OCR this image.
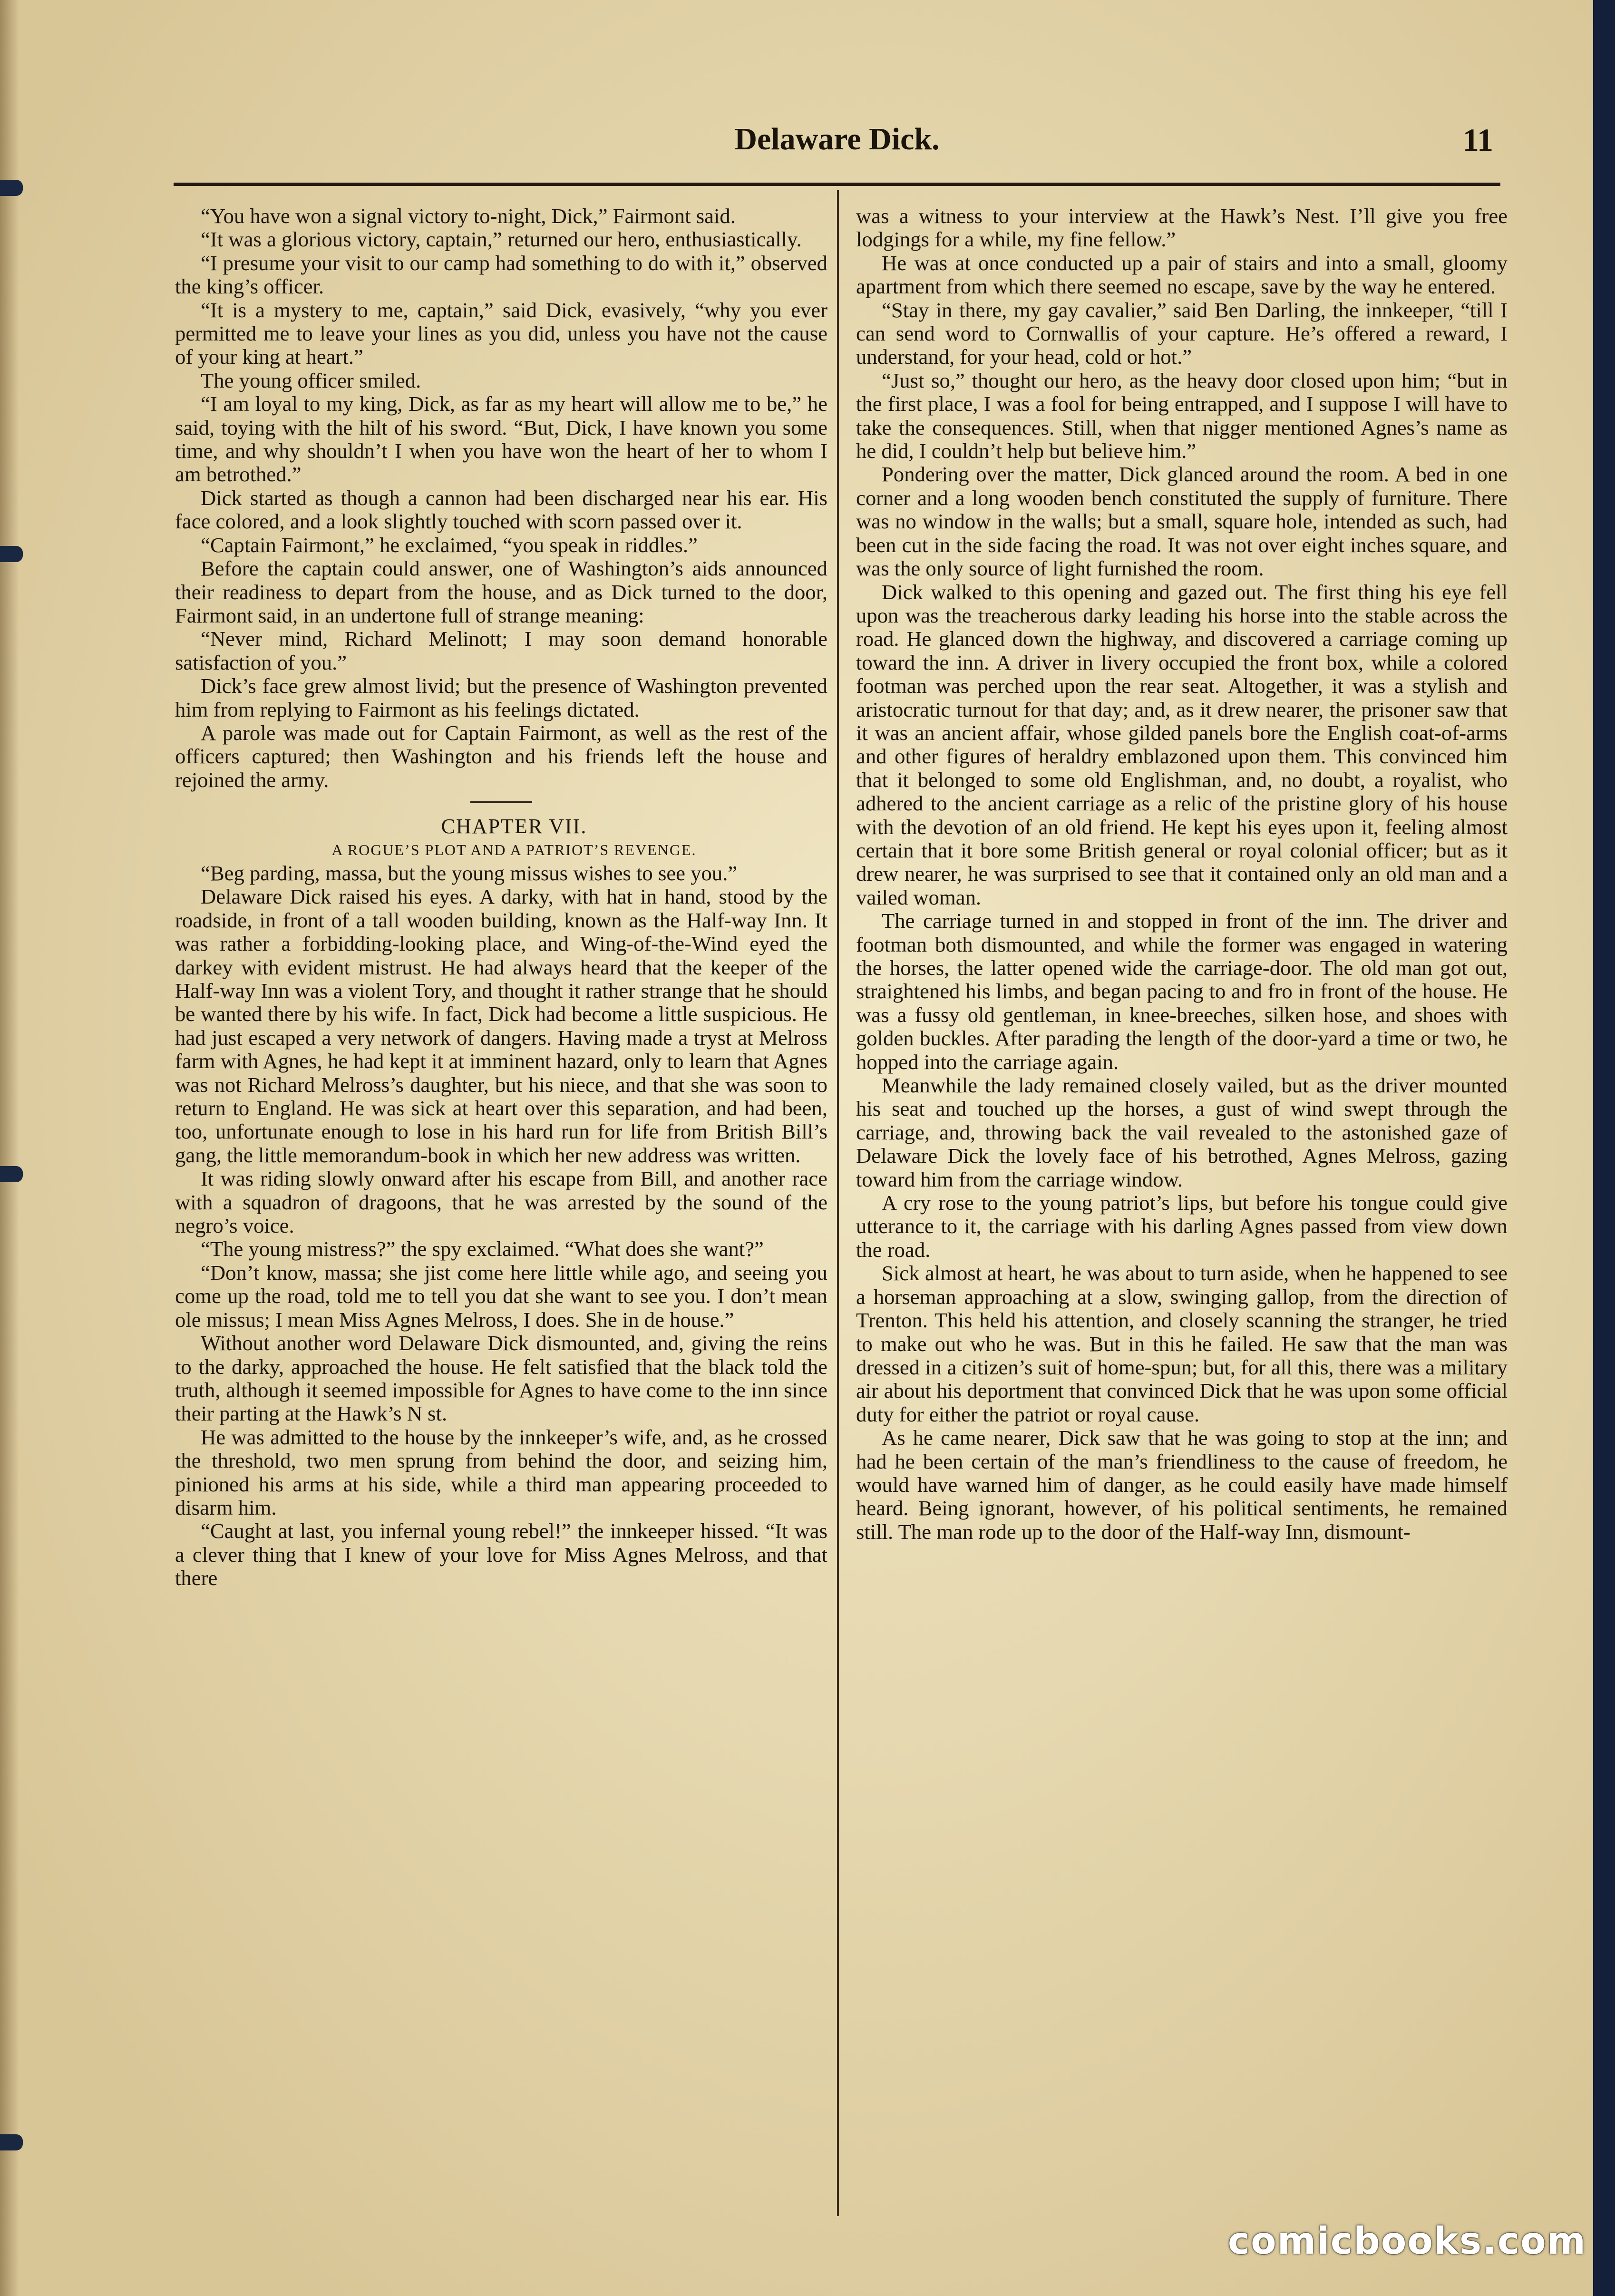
Delaware Dick.	11

“You have won a signal victory to-night, Dick,” Fairmont said.

“It was a glorious victory, captain,” returned our hero, enthusiastically.

“I presume your visit to our camp had something to do with it,” observed the king’s officer.

“It is a mystery to me, captain,” said Dick, evasively, “why you ever permitted me to leave your lines as you did, unless you have not the cause of your king at heart.”

The young officer smiled.

“I am loyal to my king, Dick, as far as my heart will allow me to be,” he said, toying with the hilt of his sword. “But, Dick, I have known you some time, and why shouldn’t I when you have won the heart of her to whom I am betrothed.”

Dick started as though a cannon had been discharged near his ear. His face colored, and a look slightly touched with scorn passed over it.

“Captain Fairmont,” he exclaimed, “you speak in riddles.”

Before the captain could answer, one of Washington’s aids announced their readiness to depart from the house, and as Dick turned to the door, Fairmont said, in an undertone full of strange meaning:

“Never mind, Richard Melinott; I may soon demand honorable satisfaction of you.”

Dick’s face grew almost livid; but the presence of Washington prevented him from replying to Fairmont as his feelings dictated.

A parole was made out for Captain Fairmont, as well as the rest of the officers captured; then Washington and his friends left the house and rejoined the army.

CHAPTER VII.

A ROGUE’S PLOT AND A PATRIOT’S REVENGE.

“Beg parding, massa, but the young missus wishes to see you.”

Delaware Dick raised his eyes. A darky, with hat in hand, stood by the roadside, in front of a tall wooden building, known as the Half-way Inn. It was rather a forbidding-looking place, and Wing-of-the-Wind eyed the darkey with evident mistrust. He had always heard that the keeper of the Half-way Inn was a violent Tory, and thought it rather strange that he should be wanted there by his wife. In fact, Dick had become a little suspicious. He had just escaped a very network of dangers. Having made a tryst at Melross farm with Agnes, he had kept it at imminent hazard, only to learn that Agnes was not Richard Melross’s daughter, but his niece, and that she was soon to return to England. He was sick at heart over this separation, and had been, too, unfortunate enough to lose in his hard run for life from British Bill’s gang, the little memorandum-book in which her new address was written.

It was riding slowly onward after his escape from Bill, and another race with a squadron of dragoons, that he was arrested by the sound of the negro’s voice.

“The young mistress?” the spy exclaimed. “What does she want?”

“Don’t know, massa; she jist come here little while ago, and seeing you come up the road, told me to tell you dat she want to see you. I don’t mean ole missus; I mean Miss Agnes Melross, I does. She in de house.”

Without another word Delaware Dick dismounted, and, giving the reins to the darky, approached the house. He felt satisfied that the black told the truth, although it seemed impossible for Agnes to have come to the inn since their parting at the Hawk’s N st.

He was admitted to the house by the innkeeper’s wife, and, as he crossed the threshold, two men sprung from behind the door, and seizing him, pinioned his arms at his side, while a third man appearing proceeded to disarm him.

“Caught at last, you infernal young rebel!” the innkeeper hissed. “It was a clever thing that I knew of your love for Miss Agnes Melross, and that there

was a witness to your interview at the Hawk’s Nest. I’ll give you free lodgings for a while, my fine fellow.”

He was at once conducted up a pair of stairs and into a small, gloomy apartment from which there seemed no escape, save by the way he entered.

“Stay in there, my gay cavalier,” said Ben Darling, the innkeeper, “till I can send word to Cornwallis of your capture. He’s offered a reward, I understand, for your head, cold or hot.”

“Just so,” thought our hero, as the heavy door closed upon him; “but in the first place, I was a fool for being entrapped, and I suppose I will have to take the consequences. Still, when that nigger mentioned Agnes’s name as he did, I couldn’t help but believe him.”

Pondering over the matter, Dick glanced around the room. A bed in one corner and a long wooden bench constituted the supply of furniture. There was no window in the walls; but a small, square hole, intended as such, had been cut in the side facing the road. It was not over eight inches square, and was the only source of light furnished the room.

Dick walked to this opening and gazed out. The first thing his eye fell upon was the treacherous darky leading his horse into the stable across the road. He glanced down the highway, and discovered a carriage coming up toward the inn. A driver in livery occupied the front box, while a colored footman was perched upon the rear seat. Altogether, it was a stylish and aristocratic turnout for that day; and, as it drew nearer, the prisoner saw that it was an ancient affair, whose gilded panels bore the English coat-of-arms and other figures of heraldry emblazoned upon them. This convinced him that it belonged to some old Englishman, and, no doubt, a royalist, who adhered to the ancient carriage as a relic of the pristine glory of his house with the devotion of an old friend. He kept his eyes upon it, feeling almost certain that it bore some British general or royal colonial officer; but as it drew nearer, he was surprised to see that it contained only an old man and a vailed woman.

The carriage turned in and stopped in front of the inn. The driver and footman both dismounted, and while the former was engaged in watering the horses, the latter opened wide the carriage-door. The old man got out, straightened his limbs, and began pacing to and fro in front of the house. He was a fussy old gentleman, in knee-breeches, silken hose, and shoes with golden buckles. After parading the length of the door-yard a time or two, he hopped into the carriage again.

Meanwhile the lady remained closely vailed, but as the driver mounted his seat and touched up the horses, a gust of wind swept through the carriage, and, throwing back the vail revealed to the astonished gaze of Delaware Dick the lovely face of his betrothed, Agnes Melross, gazing toward him from the carriage window.

A cry rose to the young patriot’s lips, but before his tongue could give utterance to it, the carriage with his darling Agnes passed from view down the road.

Sick almost at heart, he was about to turn aside, when he happened to see a horseman approaching at a slow, swinging gallop, from the direction of Trenton. This held his attention, and closely scanning the stranger, he tried to make out who he was. But in this he failed. He saw that the man was dressed in a citizen’s suit of home-spun; but, for all this, there was a military air about his deportment that convinced Dick that he was upon some official duty for either the patriot or royal cause.

As he came nearer, Dick saw that he was going to stop at the inn; and had he been certain of the man’s friendliness to the cause of freedom, he would have warned him of danger, as he could easily have made himself heard. Being ignorant, however, of his political sentiments, he remained still. The man rode up to the door of the Half-way Inn, dismount-

comicbooks.com
